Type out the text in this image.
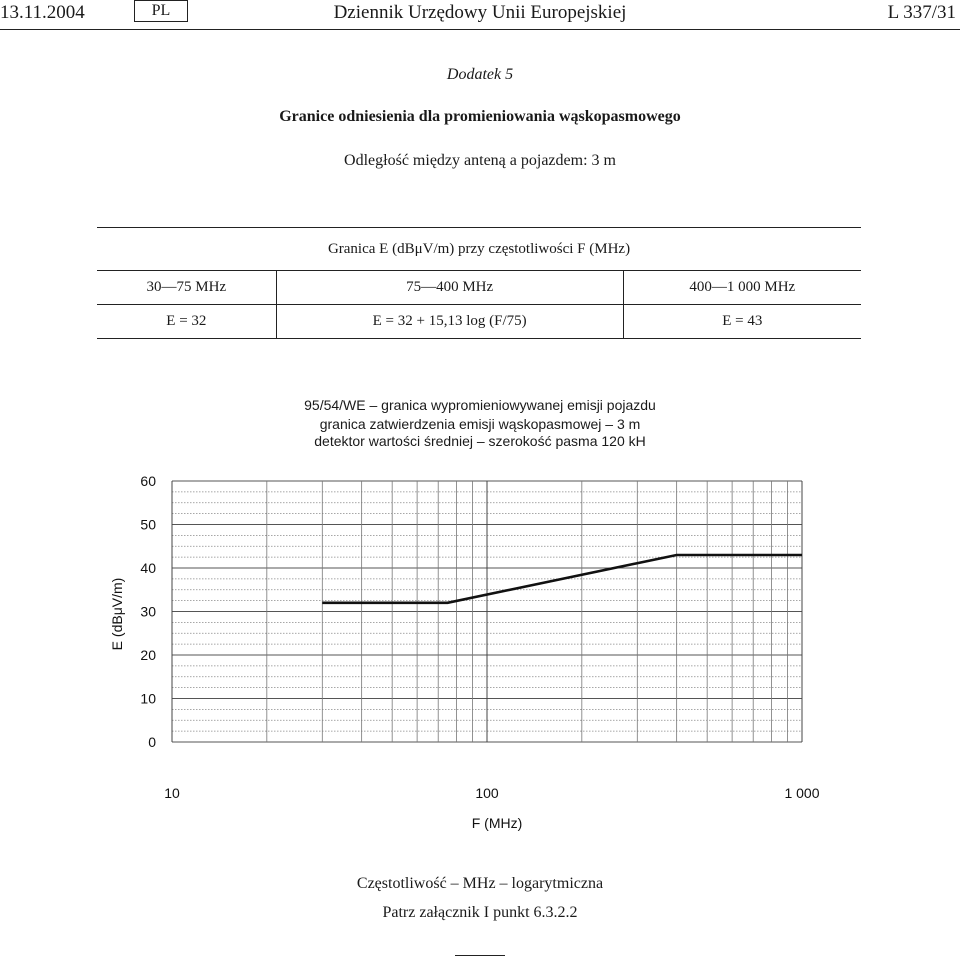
13.11.2004	PL	Dziennik Urzędowy Unii Europejskiej	L 337/31
Dodatek 5
Granice odniesienia dla promieniowania wąskopasmowego
Odległość między anteną a pojazdem: 3 m
Granica E (dBμV/m) przy częstotliwości F (MHz)		
30—75 MHz	75—400 MHz	400—1 000 MHz
E = 32	E = 32 + 15,13 log (F/75)	E = 43
95/54/WE – granica wypromieniowywanej emisji pojazdu
granica zatwierdzenia emisji wąskopasmowej – 3 m
detektor wartości średniej – szerokość pasma 120 kH
60
50
40
30
20
10
0
10	100	1 000
F (MHz)
E (dBμV/m)
Częstotliwość – MHz – logarytmiczna
Patrz załącznik I punkt 6.3.2.2
